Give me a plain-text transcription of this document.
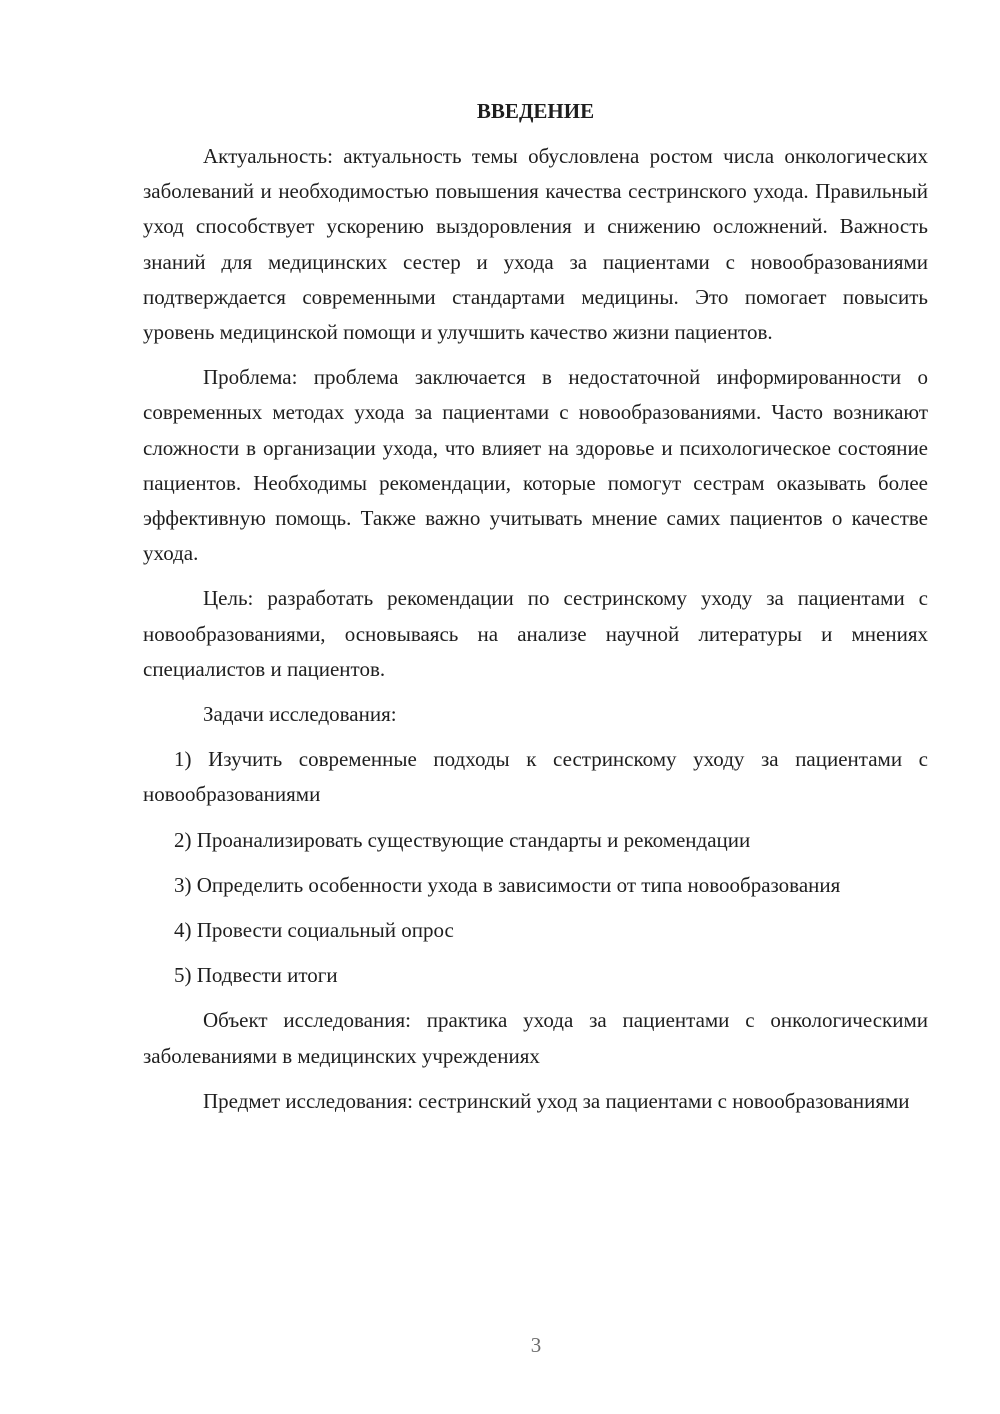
ВВЕДЕНИЕ

Актуальность: актуальность темы обусловлена ростом числа онкологических заболеваний и необходимостью повышения качества сестринского ухода. Правильный уход способствует ускорению выздоровления и снижению осложнений. Важность знаний для медицинских сестер и ухода за пациентами с новообразованиями подтверждается современными стандартами медицины. Это помогает повысить уровень медицинской помощи и улучшить качество жизни пациентов.

Проблема: проблема заключается в недостаточной информированности о современных методах ухода за пациентами с новообразованиями. Часто возникают сложности в организации ухода, что влияет на здоровье и психологическое состояние пациентов. Необходимы рекомендации, которые помогут сестрам оказывать более эффективную помощь. Также важно учитывать мнение самих пациентов о качестве ухода.

Цель: разработать рекомендации по сестринскому уходу за пациентами с новообразованиями, основываясь на анализе научной литературы и мнениях специалистов и пациентов.

Задачи исследования:

1) Изучить современные подходы к сестринскому уходу за пациентами с новообразованиями

2) Проанализировать существующие стандарты и рекомендации

3) Определить особенности ухода в зависимости от типа новообразования

4) Провести социальный опрос

5) Подвести итоги

Объект исследования: практика ухода за пациентами с онкологическими заболеваниями в медицинских учреждениях

Предмет исследования: сестринский уход за пациентами с новообразованиями

3
